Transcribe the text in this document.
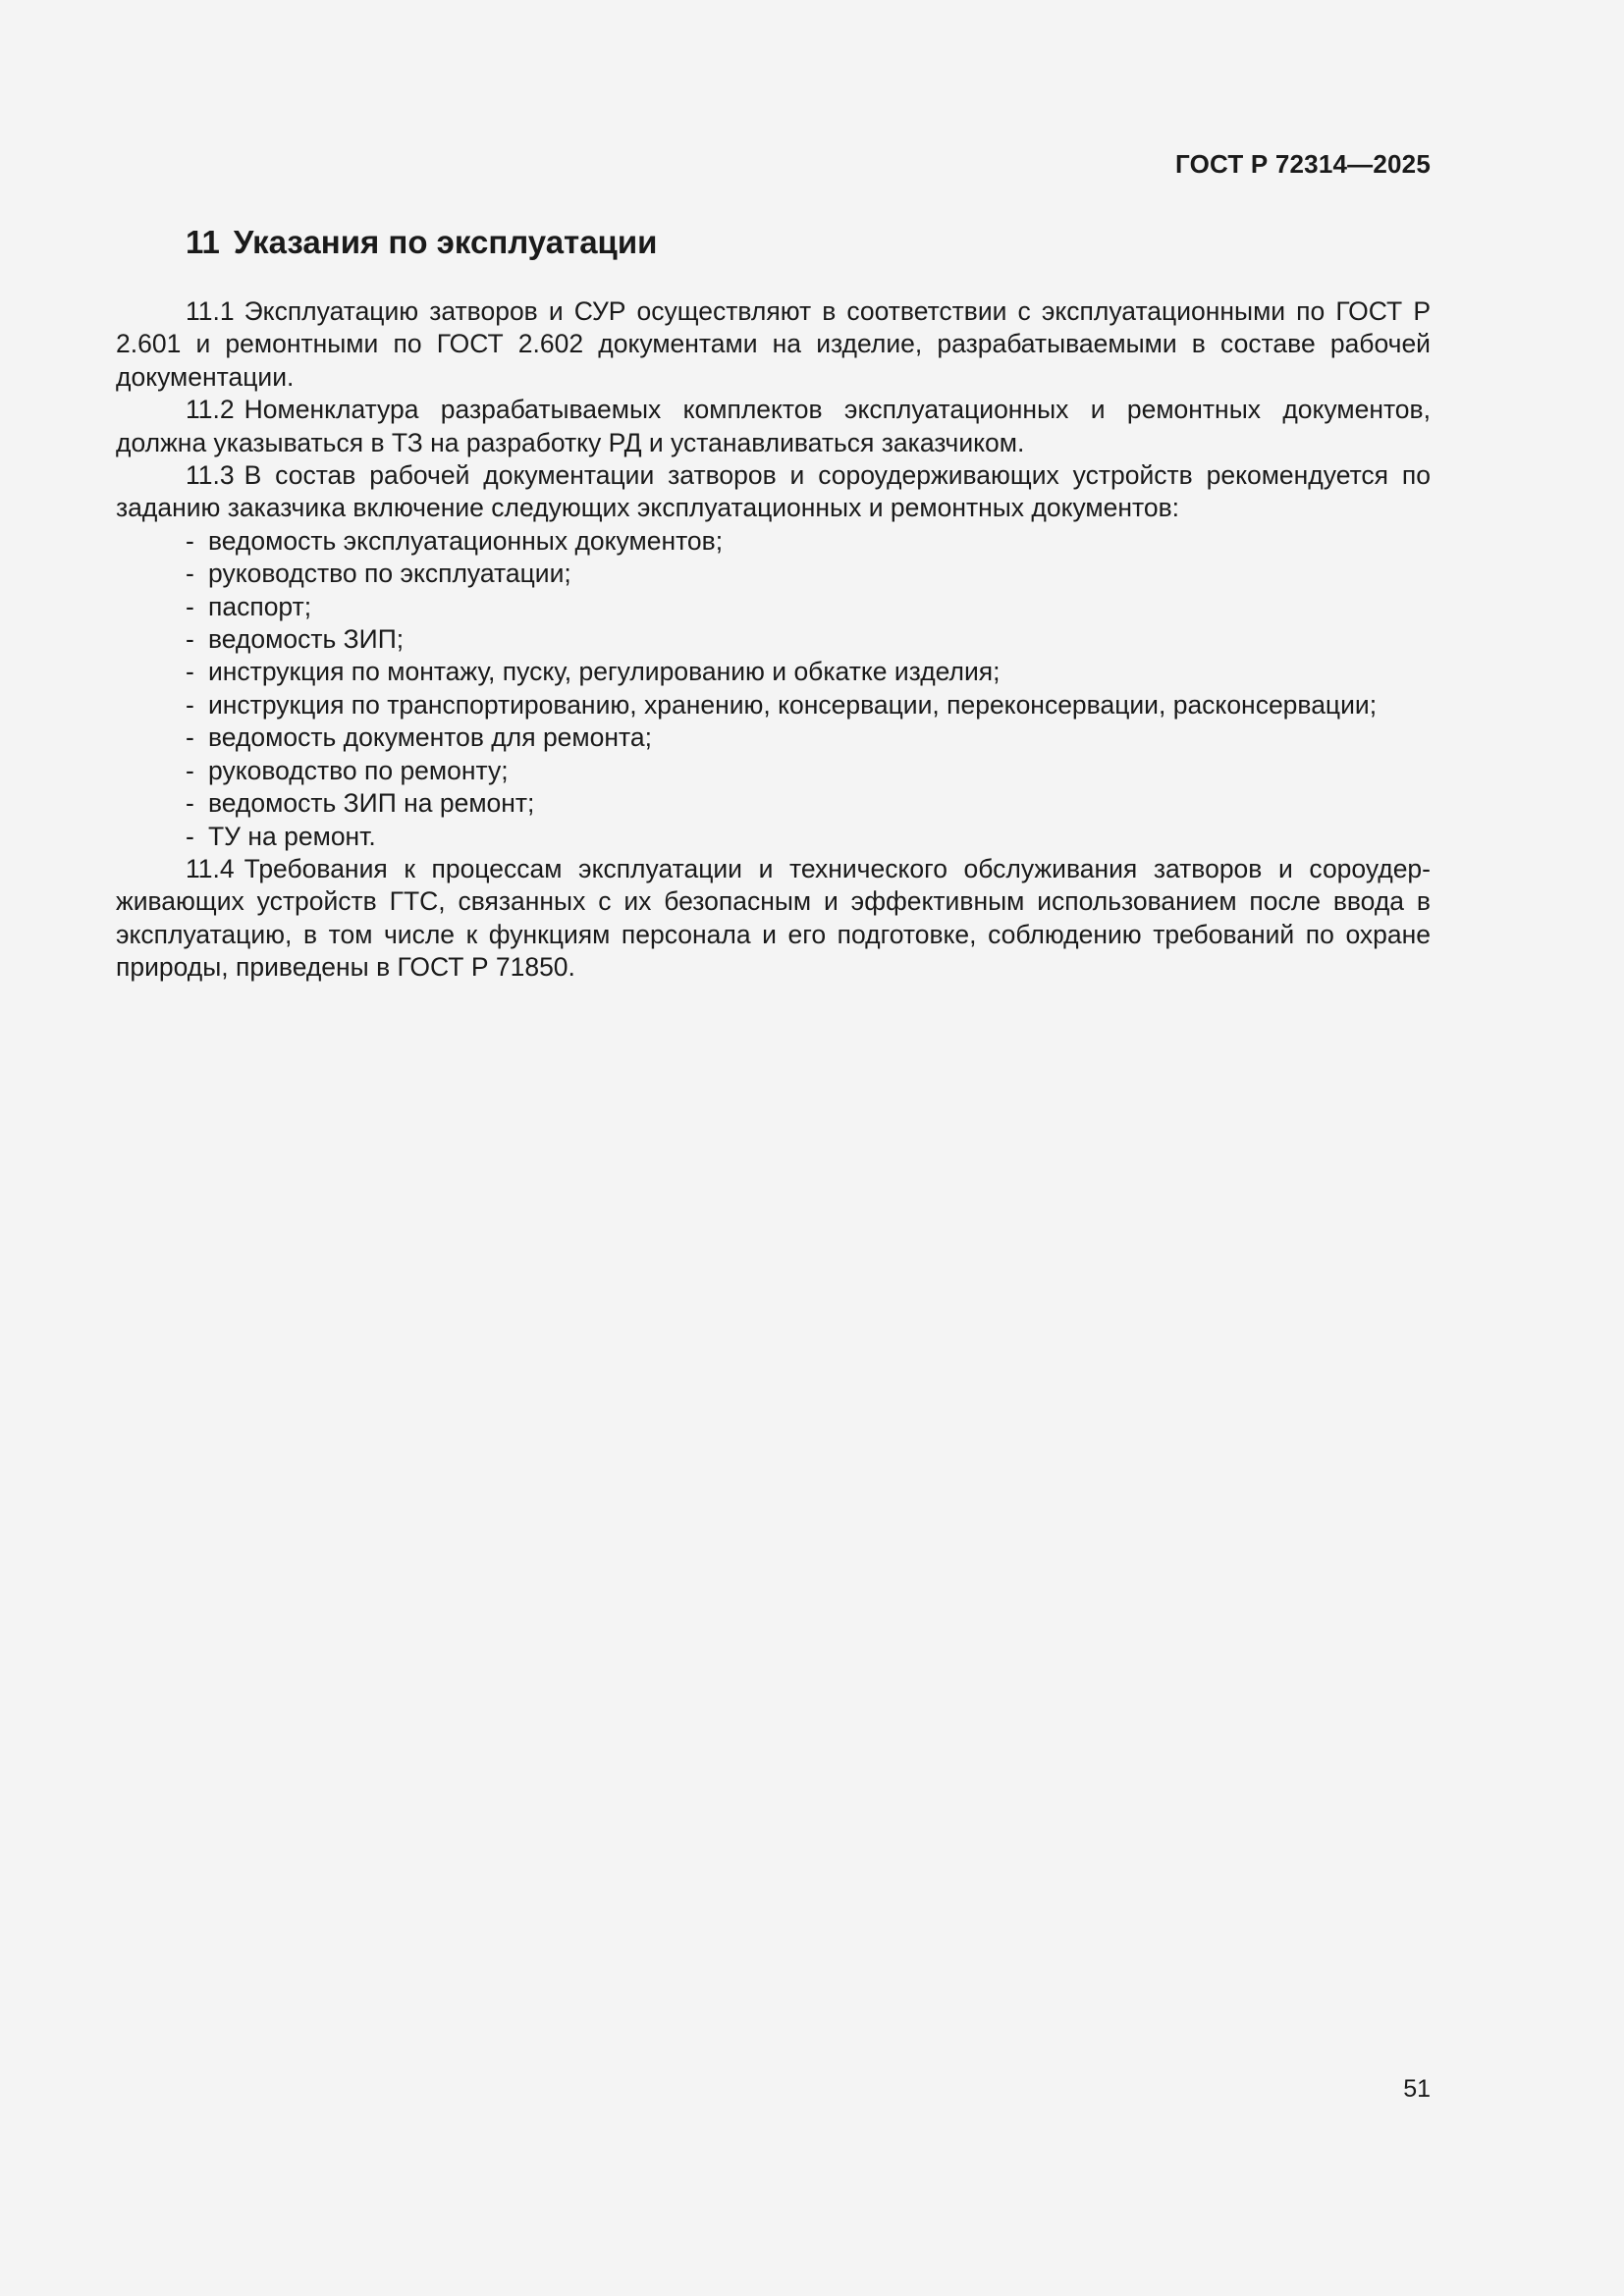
ГОСТ Р 72314—2025
11 Указания по эксплуатации

11.1 Эксплуатацию затворов и СУР осуществляют в соответствии с эксплуатационными по ГОСТ Р 2.601 и ремонтными по ГОСТ 2.602 документами на изделие, разрабатываемыми в составе рабочей документации.

11.2 Номенклатура разрабатываемых комплектов эксплуатационных и ремонтных документов, должна указываться в ТЗ на разработку РД и устанавливаться заказчиком.

11.3 В состав рабочей документации затворов и сороудерживающих устройств рекомендуется по заданию заказчика включение следующих эксплуатационных и ремонтных документов:

- ведомость эксплуатационных документов;
- руководство по эксплуатации;
- паспорт;
- ведомость ЗИП;
- инструкция по монтажу, пуску, регулированию и обкатке изделия;
- инструкция по транспортированию, хранению, консервации, переконсервации, расконсервации;
- ведомость документов для ремонта;
- руководство по ремонту;
- ведомость ЗИП на ремонт;
- ТУ на ремонт.

11.4 Требования к процессам эксплуатации и технического обслуживания затворов и сороудерживающих устройств ГТС, связанных с их безопасным и эффективным использованием после ввода в эксплуатацию, в том числе к функциям персонала и его подготовке, соблюдению требований по охране природы, приведены в ГОСТ Р 71850.

51
